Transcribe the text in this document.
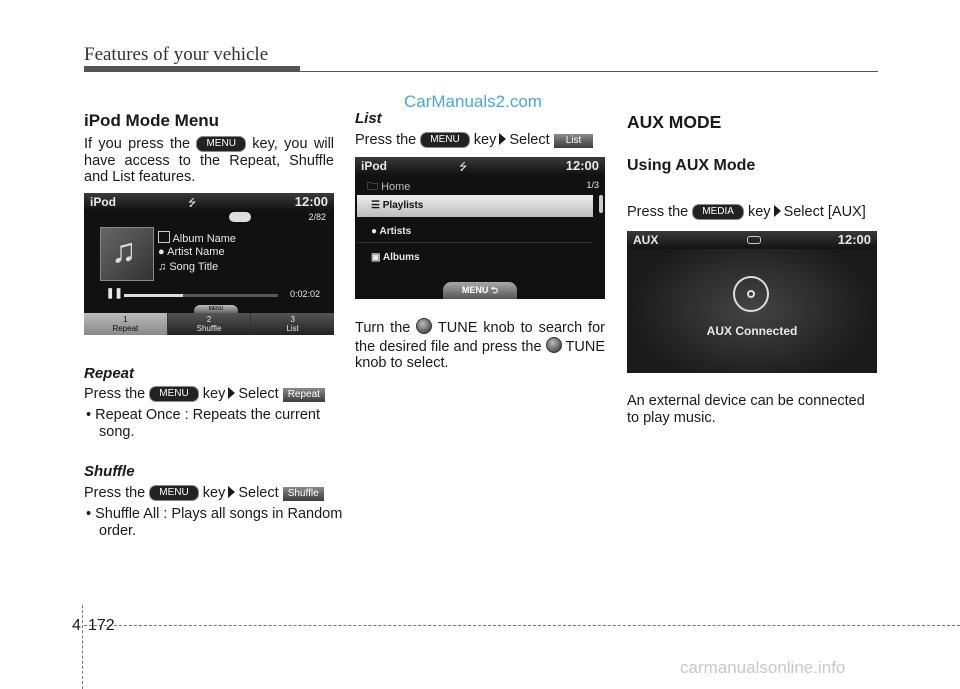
Features of your vehicle
CarManuals2.com
iPod Mode Menu
If you press the MENU key, you will have access to the Repeat, Shuffle and List features.
iPod	⭍	12:00
2/82
♫	Album Name
● Artist Name
♫ Song Title
❚❚	0:02:02
MENU
1
Repeat
2
Shuffle
3
List
Repeat
Press the MENU key Select Repeat
• Repeat Once : Repeats the current song.
Shuffle
Press the MENU key Select Shuffle
• Shuffle All : Plays all songs in Random order.
List
Press the MENU key Select List
iPod	⭍	12:00
🗀 Home	1/3
☰ Playlists
● Artists
▣ Albums
MENU ⮌
Turn the TUNE knob to search for the desired file and press the TUNE knob to select.
AUX MODE
Using AUX Mode
Press the MEDIA key Select [AUX]
AUX	12:00
AUX Connected
An external device can be connected to play music.
4 172
carmanualsonline.info
